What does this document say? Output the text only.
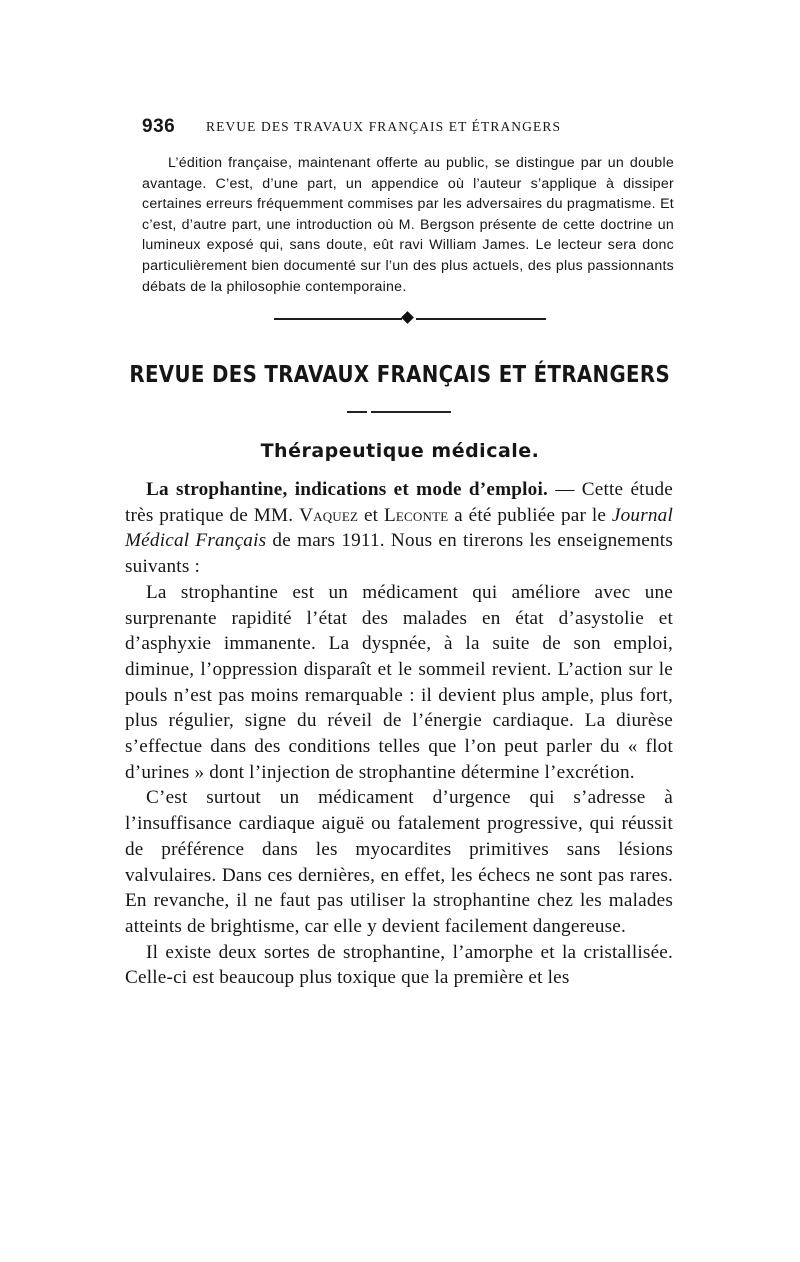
936 REVUE DES TRAVAUX FRANÇAIS ET ÉTRANGERS

L’édition française, maintenant offerte au public, se distingue par un double avantage. C’est, d’une part, un appendice où l’auteur s’applique à dissiper certaines erreurs fréquemment commises par les adversaires du pragmatisme. Et c’est, d’autre part, une introduction où M. Bergson présente de cette doctrine un lumineux exposé qui, sans doute, eût ravi William James. Le lecteur sera donc particulièrement bien documenté sur l’un des plus actuels, des plus passionnants débats de la philosophie contemporaine.

REVUE DES TRAVAUX FRANÇAIS ET ÉTRANGERS
Thérapeutique médicale.

La strophantine, indications et mode d’emploi. — Cette étude très pratique de MM. Vaquez et Leconte a été publiée par le Journal Médical Français de mars 1911. Nous en tirerons les enseignements suivants :

La strophantine est un médicament qui améliore avec une surprenante rapidité l’état des malades en état d’asystolie et d’asphyxie immanente. La dyspnée, à la suite de son emploi, diminue, l’oppression disparaît et le sommeil revient. L’action sur le pouls n’est pas moins remarquable : il devient plus ample, plus fort, plus régulier, signe du réveil de l’énergie cardiaque. La diurèse s’effectue dans des conditions telles que l’on peut parler du « flot d’urines » dont l’injection de strophantine détermine l’excrétion.

C’est surtout un médicament d’urgence qui s’adresse à l’insuffisance cardiaque aiguë ou fatalement progressive, qui réussit de préférence dans les myocardites primitives sans lésions valvulaires. Dans ces dernières, en effet, les échecs ne sont pas rares. En revanche, il ne faut pas utiliser la strophantine chez les malades atteints de brightisme, car elle y devient facilement dangereuse.

Il existe deux sortes de strophantine, l’amorphe et la cristallisée. Celle-ci est beaucoup plus toxique que la première et les
